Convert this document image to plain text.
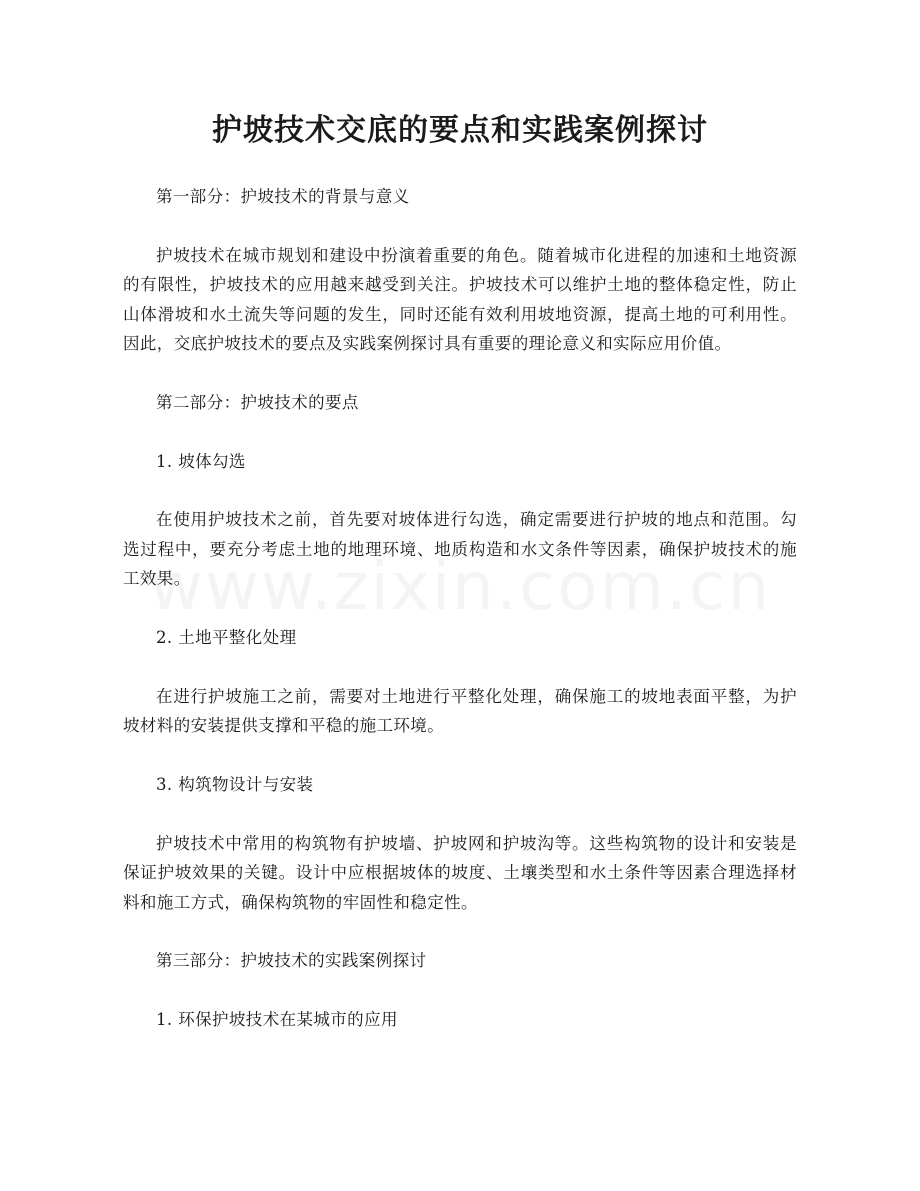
护坡技术交底的要点和实践案例探讨

第一部分：护坡技术的背景与意义

护坡技术在城市规划和建设中扮演着重要的角色。随着城市化进程的加速和土地资源的有限性，护坡技术的应用越来越受到关注。护坡技术可以维护土地的整体稳定性，防止山体滑坡和水土流失等问题的发生，同时还能有效利用坡地资源，提高土地的可利用性。因此，交底护坡技术的要点及实践案例探讨具有重要的理论意义和实际应用价值。

第二部分：护坡技术的要点

1. 坡体勾选

在使用护坡技术之前，首先要对坡体进行勾选，确定需要进行护坡的地点和范围。勾选过程中，要充分考虑土地的地理环境、地质构造和水文条件等因素，确保护坡技术的施工效果。

2. 土地平整化处理

在进行护坡施工之前，需要对土地进行平整化处理，确保施工的坡地表面平整，为护坡材料的安装提供支撑和平稳的施工环境。

3. 构筑物设计与安装

护坡技术中常用的构筑物有护坡墙、护坡网和护坡沟等。这些构筑物的设计和安装是保证护坡效果的关键。设计中应根据坡体的坡度、土壤类型和水土条件等因素合理选择材料和施工方式，确保构筑物的牢固性和稳定性。

第三部分：护坡技术的实践案例探讨

1. 环保护坡技术在某城市的应用
